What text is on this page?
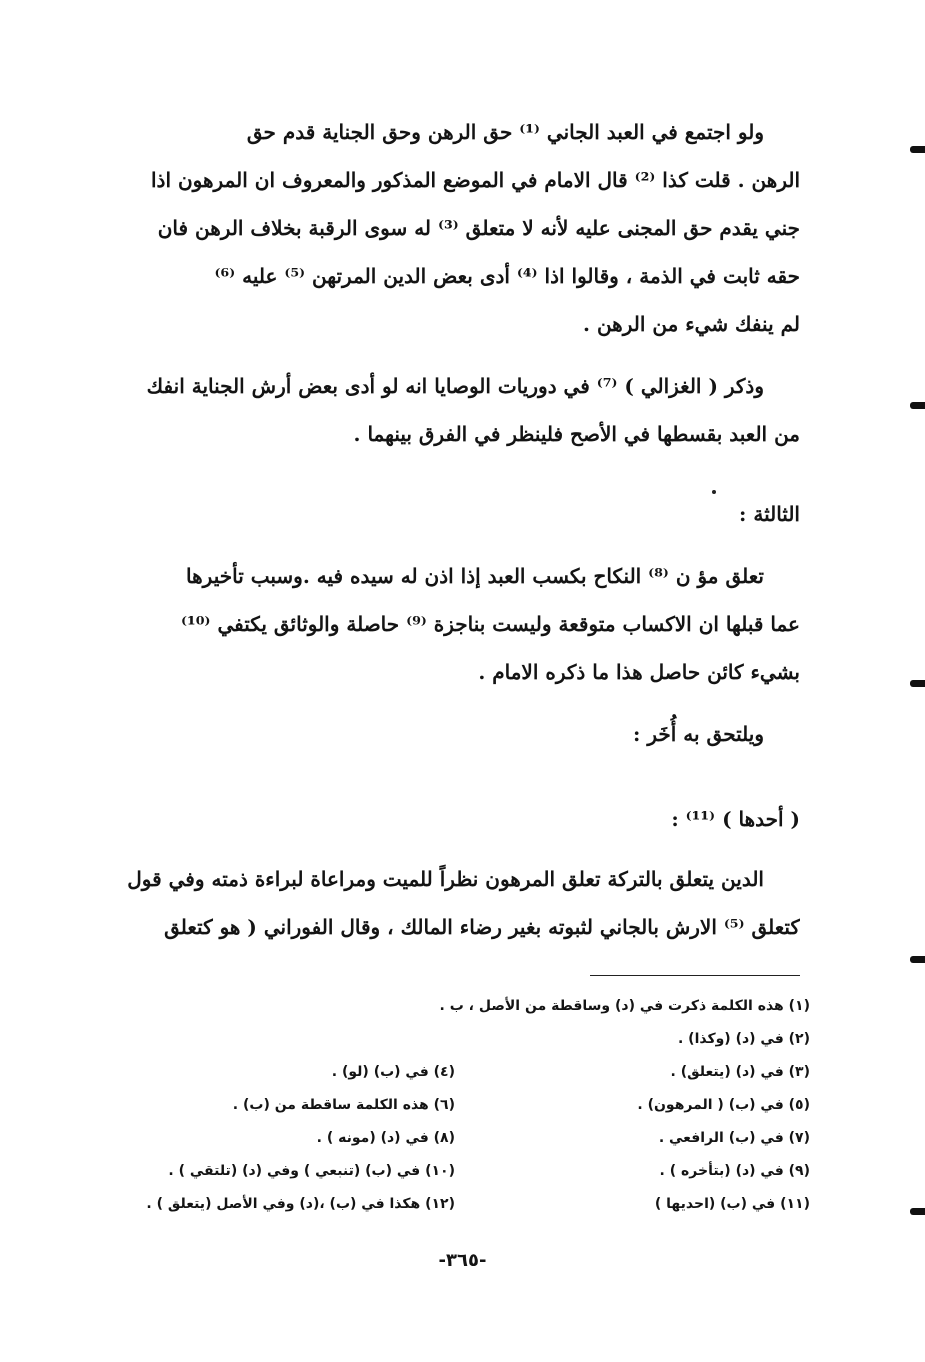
ولو اجتمع في العبد الجاني ⁽¹⁾ حق الرهن وحق الجناية قدم حق
الرهن . قلت كذا ⁽²⁾ قال الامام في الموضع المذكور والمعروف ان المرهون اذا
جني يقدم حق المجنى عليه لأنه لا متعلق ⁽³⁾ له سوى الرقبة بخلاف الرهن فان
حقه ثابت في الذمة ، وقالوا اذا ⁽⁴⁾ أدى بعض الدين المرتهن ⁽⁵⁾ عليه ⁽⁶⁾
لم ينفك شيء من الرهن .
وذكر ( الغزالي ) ⁽⁷⁾ في دوريات الوصايا انه لو أدى بعض أرش الجناية انفك
من العبد بقسطها في الأصح فلينظر في الفرق بينهما .
الثالثة :
تعلق مؤ ن ⁽⁸⁾ النكاح بكسب العبد إذا اذن له سيده فيه .وسبب تأخيرها
عما قبلها ان الاكساب متوقعة وليست بناجزة ⁽⁹⁾ حاصلة والوثائق يكتفي ⁽¹⁰⁾
بشيء كائن حاصل هذا ما ذكره الامام .
ويلتحق به أُخَر :
( أحدها ) ⁽¹¹⁾ :
الدين يتعلق بالتركة تعلق المرهون نظراً للميت ومراعاة لبراءة ذمته وفي قول
كتعلق ⁽⁵⁾ الارش بالجاني لثبوته بغير رضاء المالك ، وقال الفوراني ( هو كتعلق
(١) هذه الكلمة ذكرت في (د) وساقطة من الأصل ، ب .
(٢) في (د) (وكذا) .
(٣) في (د) (يتعلق) .
(٤) في (ب) (لو) .
(٥) في (ب) ( المرهون) .
(٦) هذه الكلمة ساقطة من (ب) .
(٧) في (ب) الرافعي .
(٨) في (د) (مونه ) .
(٩) في (د) (بتأخره ) .
(١٠) في (ب) (تنبعي ) وفي (د) (تلتقي ) .
(١١) في (ب) (احديها )
(١٢) هكذا في (ب) ،(د) وفي الأصل (يتعلق ) .
-٣٦٥-
